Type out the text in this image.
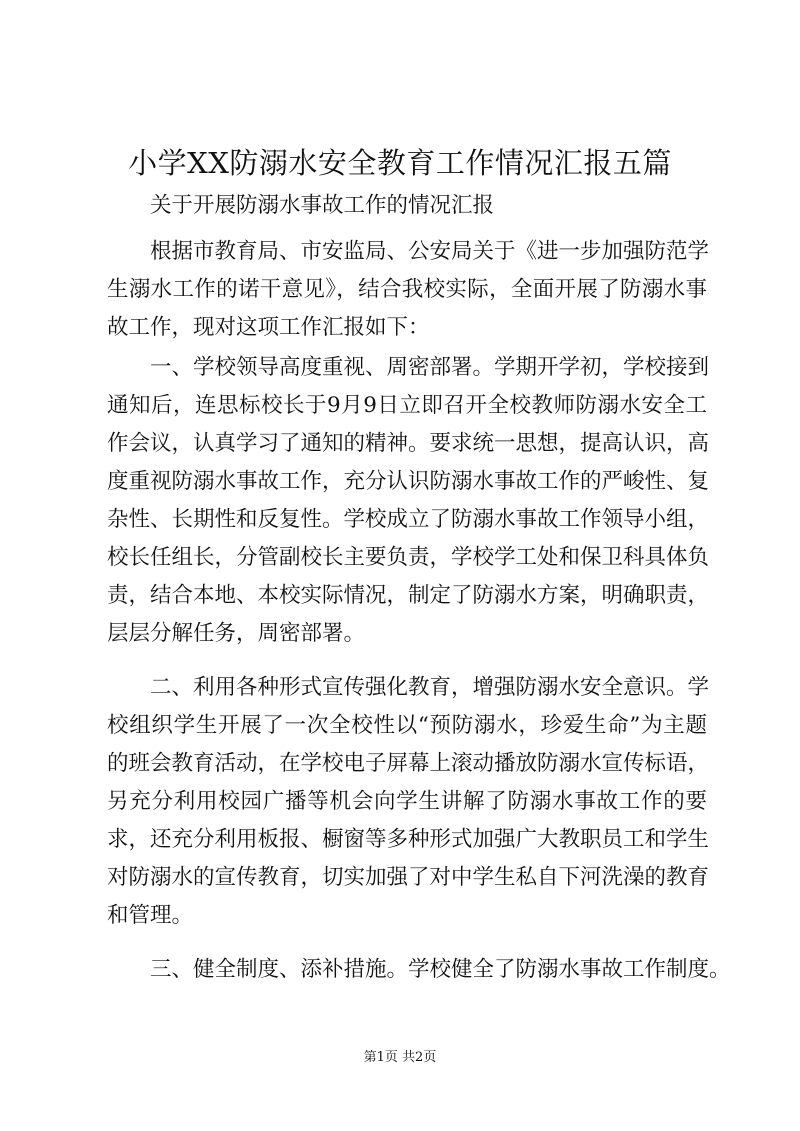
小学XX防溺水安全教育工作情况汇报五篇
关于开展防溺水事故工作的情况汇报
根据市教育局、市安监局、公安局关于《进一步加强防范学
生溺水工作的诺干意见》，结合我校实际，全面开展了防溺水事
故工作，现对这项工作汇报如下：
一、学校领导高度重视、周密部署。学期开学初，学校接到
通知后，连思标校长于9月9日立即召开全校教师防溺水安全工
作会议，认真学习了通知的精神。要求统一思想，提高认识，高
度重视防溺水事故工作，充分认识防溺水事故工作的严峻性、复
杂性、长期性和反复性。学校成立了防溺水事故工作领导小组，
校长任组长，分管副校长主要负责，学校学工处和保卫科具体负
责，结合本地、本校实际情况，制定了防溺水方案，明确职责，
层层分解任务，周密部署。
二、利用各种形式宣传强化教育，增强防溺水安全意识。学
校组织学生开展了一次全校性以“预防溺水，珍爱生命”为主题
的班会教育活动，在学校电子屏幕上滚动播放防溺水宣传标语，
另充分利用校园广播等机会向学生讲解了防溺水事故工作的要
求，还充分利用板报、橱窗等多种形式加强广大教职员工和学生
对防溺水的宣传教育，切实加强了对中学生私自下河洗澡的教育
和管理。
三、健全制度、添补措施。学校健全了防溺水事故工作制度。
第1页 共2页
